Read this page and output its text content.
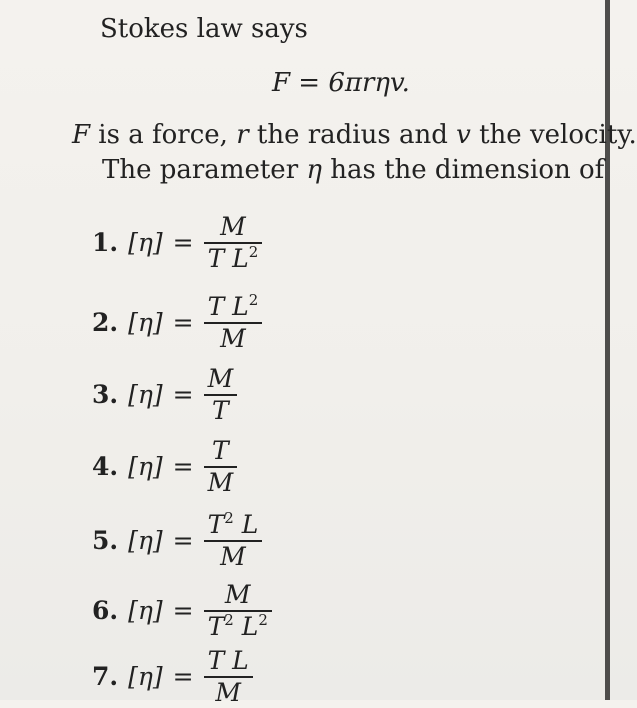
Stokes law says
F = 6πrηv.
F is a force, r the radius and v the velocity.
The parameter η has the dimension of
1. $[\eta] = \frac{M}{T L^2}$
2. $[\eta] = \frac{T L^2}{M}$
3. $[\eta] = \frac{M}{T}$
4. $[\eta] = \frac{T}{M}$
5. $[\eta] = \frac{T^2 L}{M}$
6. $[\eta] = \frac{M}{T^2 L^2}$
7. $[\eta] = \frac{\text{T L}}{M}$
